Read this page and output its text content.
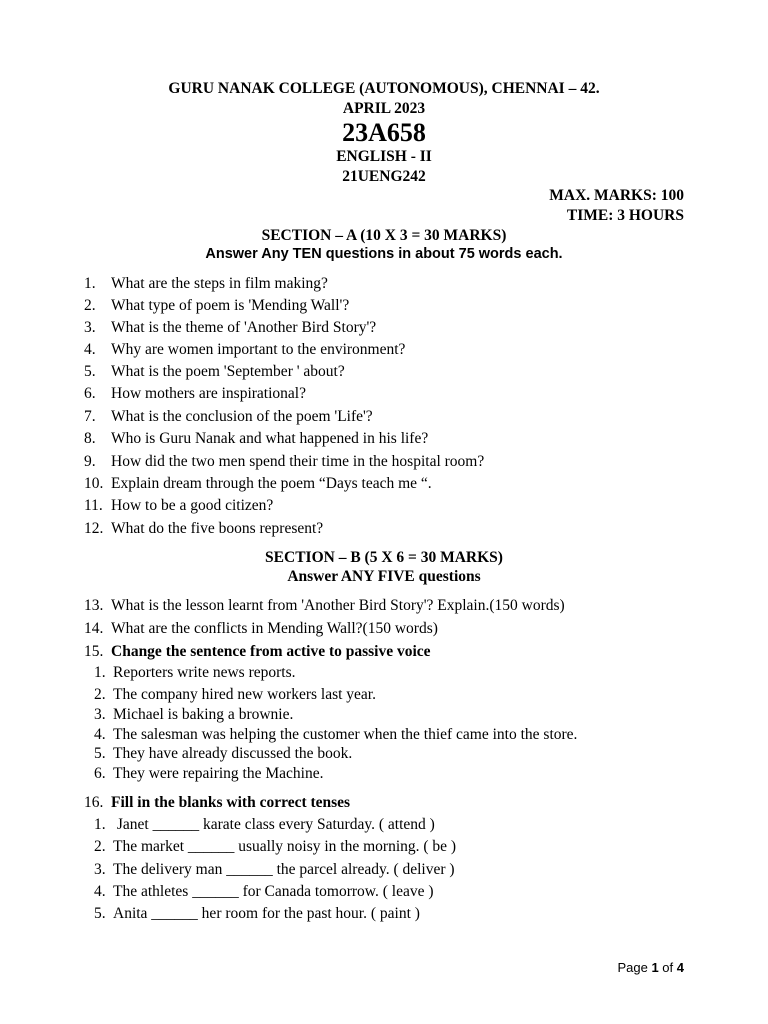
GURU NANAK COLLEGE (AUTONOMOUS), CHENNAI – 42.
APRIL 2023
23A658
ENGLISH - II
21UENG242
MAX. MARKS: 100
TIME: 3 HOURS
SECTION – A (10 X 3 = 30 MARKS)
Answer Any TEN questions in about 75 words each.
1. What are the steps in film making?
2. What type of poem is 'Mending Wall'?
3. What is the theme of 'Another Bird Story'?
4. Why are women important to the environment?
5. What is the poem 'September ' about?
6. How mothers are inspirational?
7. What is the conclusion of the poem 'Life'?
8. Who is Guru Nanak and what happened in his life?
9. How did the two men spend their time in the hospital room?
10. Explain dream through the poem “Days teach me “.
11. How to be a good citizen?
12. What do the five boons represent?
SECTION – B (5 X 6 = 30 MARKS)
Answer ANY FIVE questions
13. What is the lesson learnt from 'Another Bird Story'? Explain.(150 words)
14. What are the conflicts in Mending Wall?(150 words)
15. Change the sentence from active to passive voice
1. Reporters write news reports.
2. The company hired new workers last year.
3. Michael is baking a brownie.
4. The salesman was helping the customer when the thief came into the store.
5. They have already discussed the book.
6. They were repairing the Machine.
16. Fill in the blanks with correct tenses
1. Janet ______ karate class every Saturday. ( attend )
2. The market ______ usually noisy in the morning. ( be )
3. The delivery man ______ the parcel already. ( deliver )
4. The athletes ______ for Canada tomorrow. ( leave )
5. Anita ______ her room for the past hour. ( paint )
Page 1 of 4
